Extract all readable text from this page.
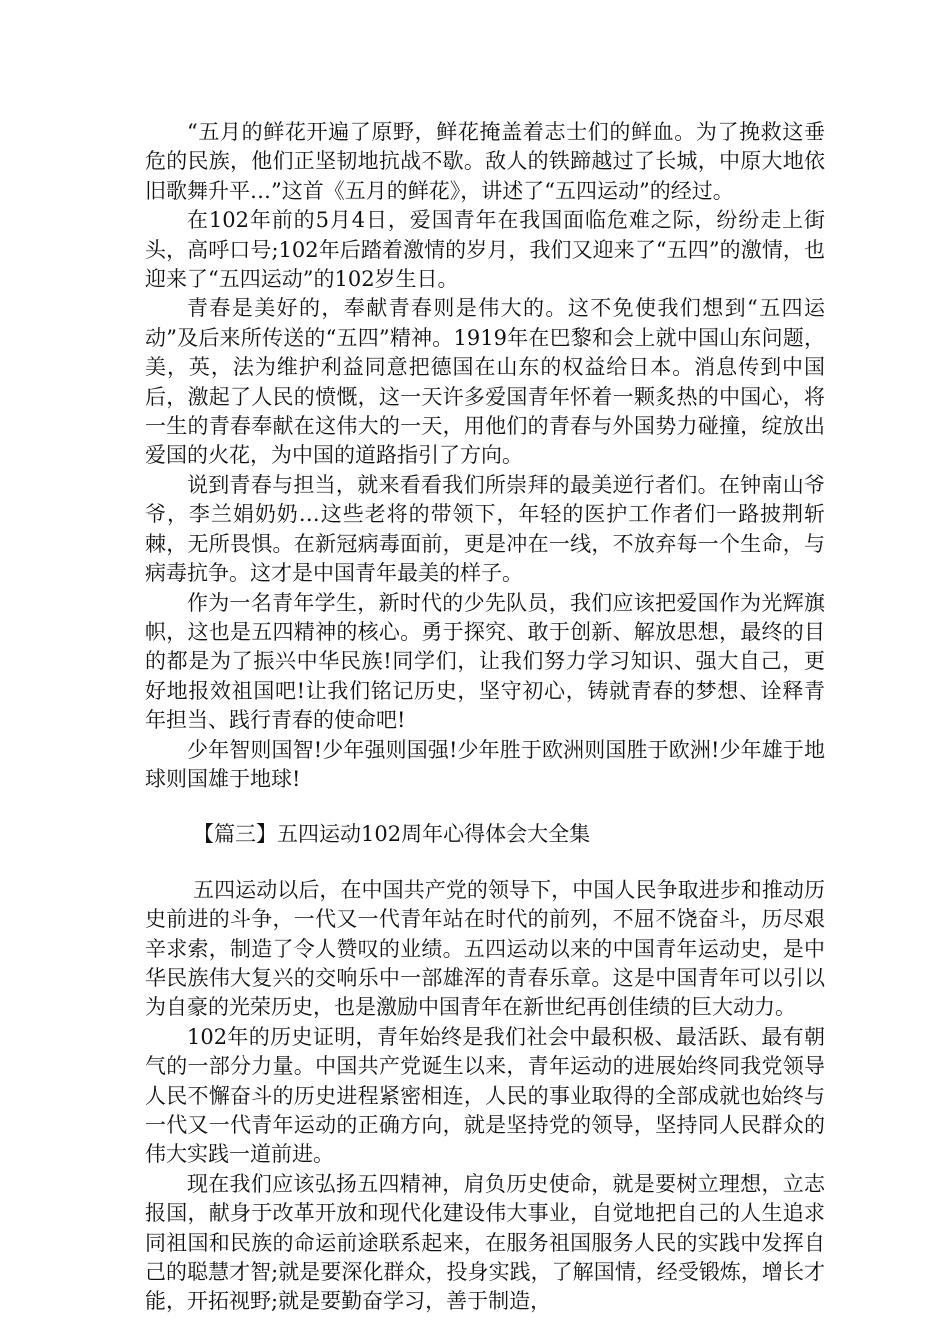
“五月的鲜花开遍了原野，鲜花掩盖着志士们的鲜血。为了挽救这垂危的民族，他们正坚韧地抗战不歇。敌人的铁蹄越过了长城，中原大地依旧歌舞升平…”这首《五月的鲜花》，讲述了“五四运动”的经过。

在102年前的5月4日，爱国青年在我国面临危难之际，纷纷走上街头，高呼口号;102年后踏着激情的岁月，我们又迎来了“五四”的激情，也迎来了“五四运动”的102岁生日。

青春是美好的，奉献青春则是伟大的。这不免使我们想到“五四运动”及后来所传送的“五四”精神。1919年在巴黎和会上就中国山东问题，美，英，法为维护利益同意把德国在山东的权益给日本。消息传到中国后，激起了人民的愤慨，这一天许多爱国青年怀着一颗炙热的中国心，将一生的青春奉献在这伟大的一天，用他们的青春与外国势力碰撞，绽放出爱国的火花，为中国的道路指引了方向。

说到青春与担当，就来看看我们所崇拜的最美逆行者们。在钟南山爷爷，李兰娟奶奶…这些老将的带领下，年轻的医护工作者们一路披荆斩棘，无所畏惧。在新冠病毒面前，更是冲在一线，不放弃每一个生命，与病毒抗争。这才是中国青年最美的样子。

作为一名青年学生，新时代的少先队员，我们应该把爱国作为光辉旗帜，这也是五四精神的核心。勇于探究、敢于创新、解放思想，最终的目的都是为了振兴中华民族!同学们，让我们努力学习知识、强大自己，更好地报效祖国吧!让我们铭记历史，坚守初心，铸就青春的梦想、诠释青年担当、践行青春的使命吧!

少年智则国智!少年强则国强!少年胜于欧洲则国胜于欧洲!少年雄于地球则国雄于地球!

【篇三】五四运动102周年心得体会大全集

五四运动以后，在中国共产党的领导下，中国人民争取进步和推动历史前进的斗争，一代又一代青年站在时代的前列，不屈不饶奋斗，历尽艰辛求索，制造了令人赞叹的业绩。五四运动以来的中国青年运动史，是中华民族伟大复兴的交响乐中一部雄浑的青春乐章。这是中国青年可以引以为自豪的光荣历史，也是激励中国青年在新世纪再创佳绩的巨大动力。

102年的历史证明，青年始终是我们社会中最积极、最活跃、最有朝气的一部分力量。中国共产党诞生以来，青年运动的进展始终同我党领导人民不懈奋斗的历史进程紧密相连，人民的事业取得的全部成就也始终与一代又一代青年运动的正确方向，就是坚持党的领导，坚持同人民群众的伟大实践一道前进。

现在我们应该弘扬五四精神，肩负历史使命，就是要树立理想，立志报国，献身于改革开放和现代化建设伟大事业，自觉地把自己的人生追求同祖国和民族的命运前途联系起来，在服务祖国服务人民的实践中发挥自己的聪慧才智;就是要深化群众，投身实践，了解国情，经受锻炼，增长才能，开拓视野;就是要勤奋学习，善于制造，
